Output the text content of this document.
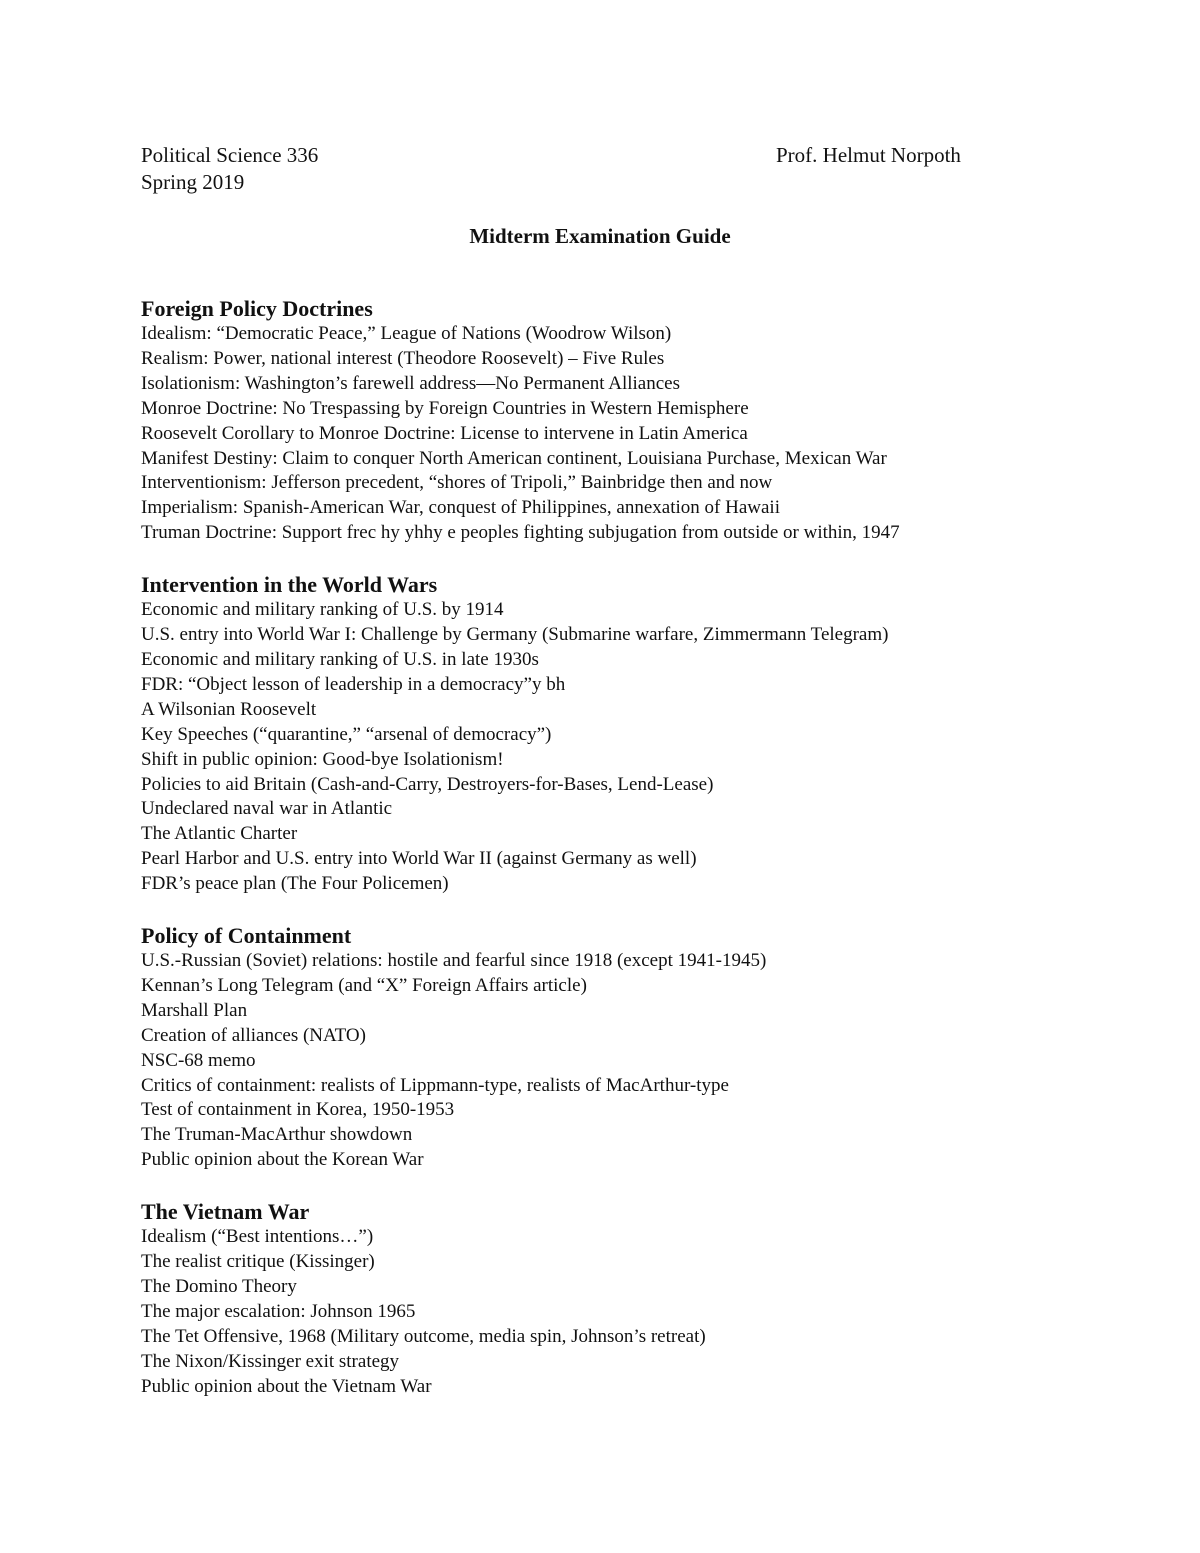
Political Science 336
Spring 2019
Prof. Helmut Norpoth
Midterm Examination Guide
Foreign Policy Doctrines
Idealism: “Democratic Peace,” League of Nations (Woodrow Wilson)
Realism: Power, national interest (Theodore Roosevelt) – Five Rules
Isolationism: Washington’s farewell address—No Permanent Alliances
Monroe Doctrine: No Trespassing by Foreign Countries in Western Hemisphere
Roosevelt Corollary to Monroe Doctrine: License to intervene in Latin America
Manifest Destiny: Claim to conquer North American continent, Louisiana Purchase, Mexican War
Interventionism: Jefferson precedent, “shores of Tripoli,” Bainbridge then and now
Imperialism: Spanish-American War, conquest of Philippines, annexation of Hawaii
Truman Doctrine: Support frec hy yhhy e peoples fighting subjugation from outside or within, 1947
Intervention in the World Wars
Economic and military ranking of U.S. by 1914
U.S. entry into World War I: Challenge by Germany (Submarine warfare, Zimmermann Telegram)
Economic and military ranking of U.S. in late 1930s
FDR: “Object lesson of leadership in a democracy”y bh
A Wilsonian Roosevelt
Key Speeches (“quarantine,” “arsenal of democracy”)
Shift in public opinion: Good-bye Isolationism!
Policies to aid Britain (Cash-and-Carry, Destroyers-for-Bases, Lend-Lease)
Undeclared naval war in Atlantic
The Atlantic Charter
Pearl Harbor and U.S. entry into World War II (against Germany as well)
FDR’s peace plan (The Four Policemen)
Policy of Containment
U.S.-Russian (Soviet) relations: hostile and fearful since 1918 (except 1941-1945)
Kennan’s Long Telegram (and “X” Foreign Affairs article)
Marshall Plan
Creation of alliances (NATO)
NSC-68 memo
Critics of containment: realists of Lippmann-type, realists of MacArthur-type
Test of containment in Korea, 1950-1953
The Truman-MacArthur showdown
Public opinion about the Korean War
The Vietnam War
Idealism (“Best intentions…”)
The realist critique (Kissinger)
The Domino Theory
The major escalation: Johnson 1965
The Tet Offensive, 1968 (Military outcome, media spin, Johnson’s retreat)
The Nixon/Kissinger exit strategy
Public opinion about the Vietnam War
